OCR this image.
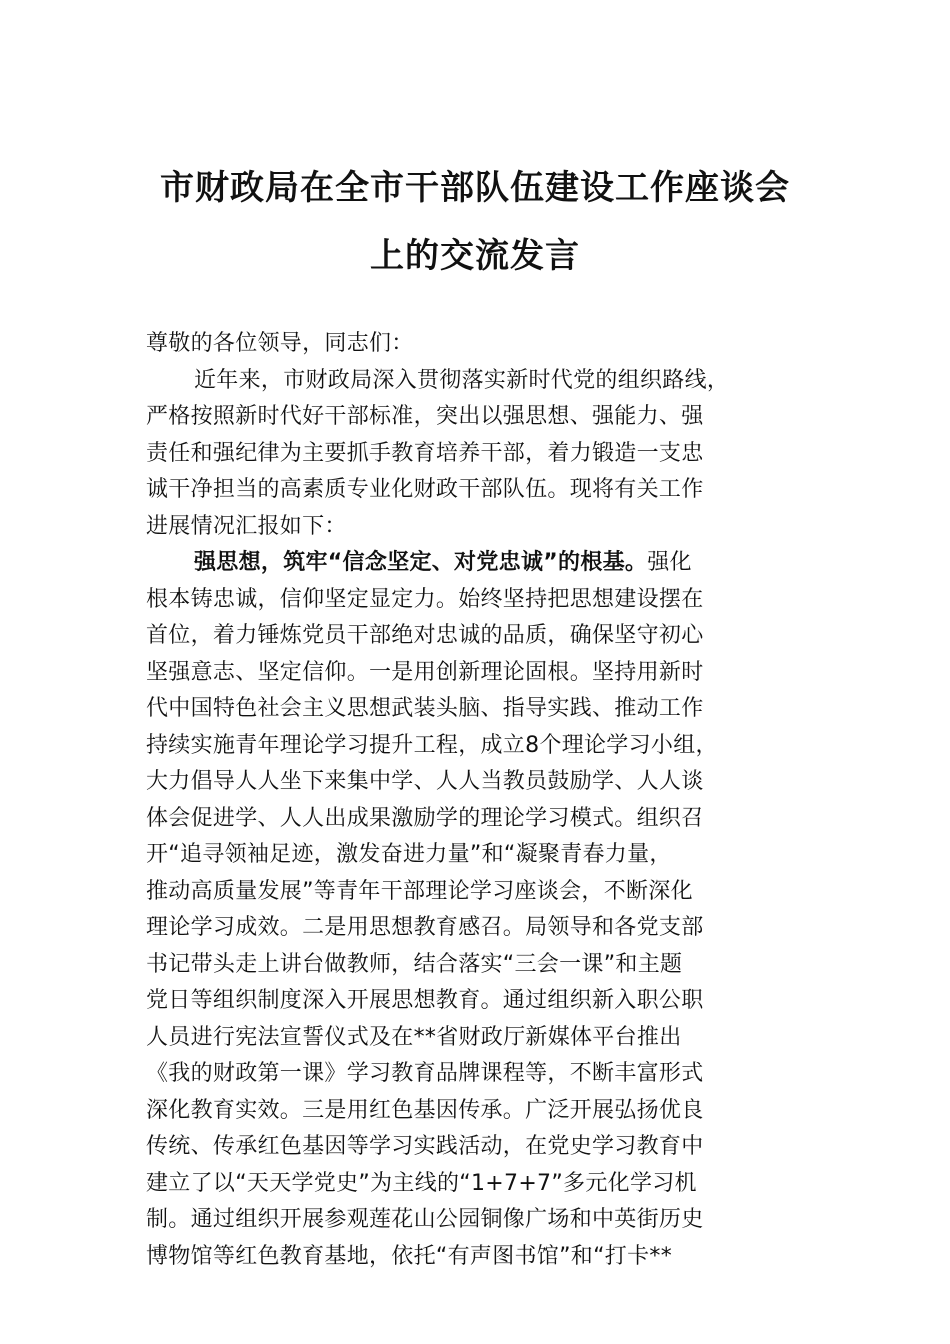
市财政局在全市干部队伍建设工作座谈会
上的交流发言
尊敬的各位领导，同志们：
近年来，市财政局深入贯彻落实新时代党的组织路线，
严格按照新时代好干部标准，突出以强思想、强能力、强
责任和强纪律为主要抓手教育培养干部，着力锻造一支忠
诚干净担当的高素质专业化财政干部队伍。现将有关工作
进展情况汇报如下：
强思想，筑牢“信念坚定、对党忠诚”的根基。强化
根本铸忠诚，信仰坚定显定力。始终坚持把思想建设摆在
首位，着力锤炼党员干部绝对忠诚的品质，确保坚守初心
坚强意志、坚定信仰。一是用创新理论固根。坚持用新时
代中国特色社会主义思想武装头脑、指导实践、推动工作
持续实施青年理论学习提升工程，成立8个理论学习小组，
大力倡导人人坐下来集中学、人人当教员鼓励学、人人谈
体会促进学、人人出成果激励学的理论学习模式。组织召
开“追寻领袖足迹，激发奋进力量”和“凝聚青春力量，
推动高质量发展”等青年干部理论学习座谈会，不断深化
理论学习成效。二是用思想教育感召。局领导和各党支部
书记带头走上讲台做教师，结合落实“三会一课”和主题
党日等组织制度深入开展思想教育。通过组织新入职公职
人员进行宪法宣誓仪式及在**省财政厅新媒体平台推出
《我的财政第一课》学习教育品牌课程等，不断丰富形式
深化教育实效。三是用红色基因传承。广泛开展弘扬优良
传统、传承红色基因等学习实践活动，在党史学习教育中
建立了以“天天学党史”为主线的“1+7+7”多元化学习机
制。通过组织开展参观莲花山公园铜像广场和中英街历史
博物馆等红色教育基地，依托“有声图书馆”和“打卡**
